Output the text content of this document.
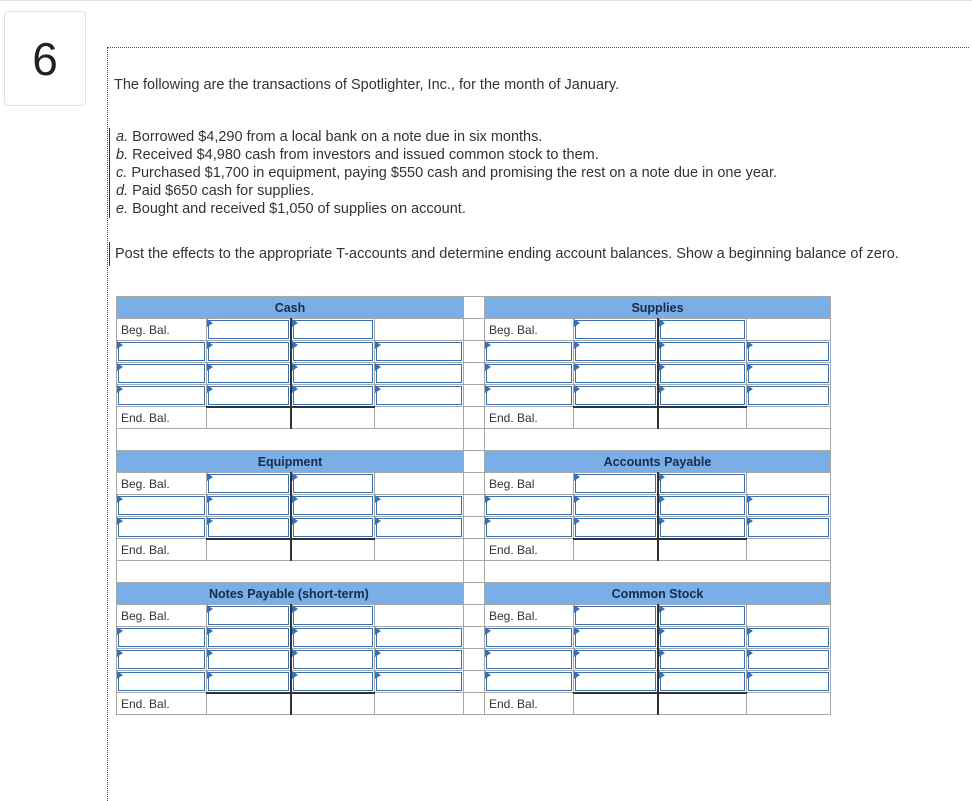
6
The following are the transactions of Spotlighter, Inc., for the month of January.
a. Borrowed $4,290 from a local bank on a note due in six months.
b. Received $4,980 cash from investors and issued common stock to them.
c. Purchased $1,700 in equipment, paying $550 cash and promising the rest on a note due in one year.
d. Paid $650 cash for supplies.
e. Bought and received $1,050 of supplies on account.
Post the effects to the appropriate T-accounts and determine ending account balances. Show a beginning balance of zero.
Cash					Supplies			
Beg. Bal.					Beg. Bal.	

End. Bal.					End. Bal.			

Equipment					Accounts Payable			
Beg. Bal.					Beg. Bal	

End. Bal.					End. Bal.			

Notes Payable (short-term)					Common Stock			
Beg. Bal.					Beg. Bal.	

End. Bal.					End. Bal.			
